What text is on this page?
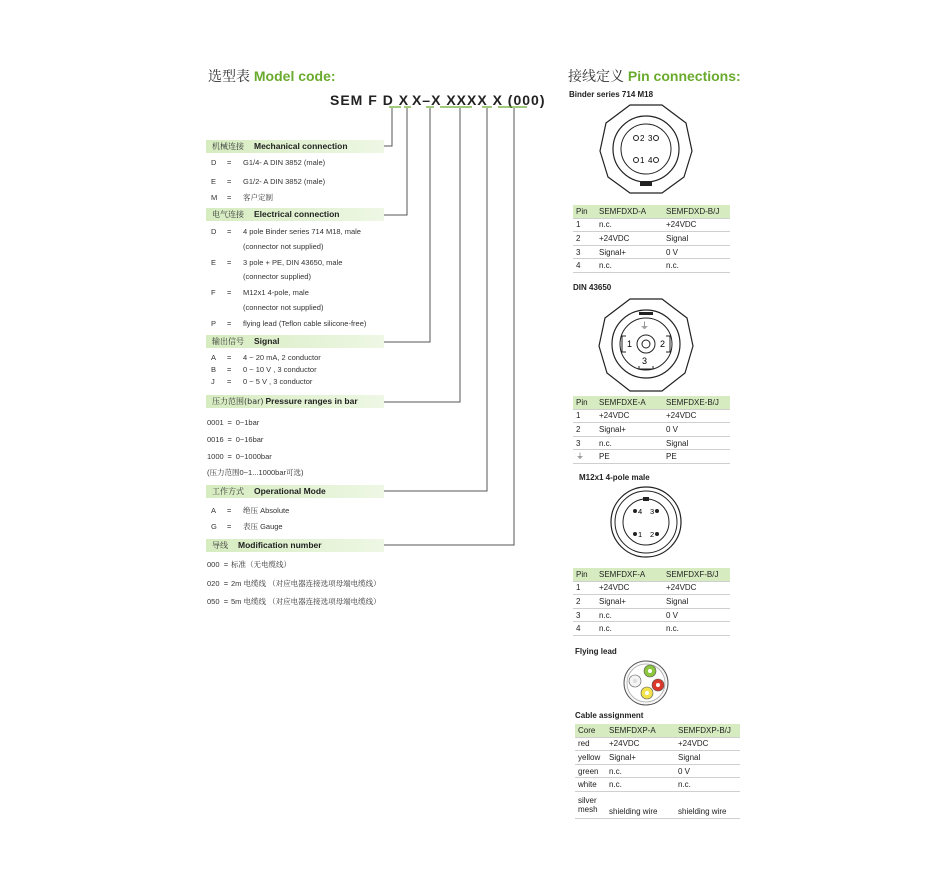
选型表 Model code:
SEM F D X X–X XXXX X (000)
机械连接 Mechanical connection
D = G1/4- A DIN 3852 (male)
E = G1/2- A DIN 3852 (male)
M = 客户定制
电气连接 Electrical connection
D = 4 pole Binder series 714 M18, male
(connector not supplied)
E = 3 pole + PE, DIN 43650, male
(connector supplied)
F = M12x1 4-pole, male
(connector not supplied)
P = flying lead (Teflon cable silicone-free)
输出信号 Signal
A = 4 ~ 20 mA, 2 conductor
B = 0 ~ 10 V , 3 conductor
J = 0 ~ 5 V , 3 conductor
压力范围(bar) Pressure ranges in bar
0001 = 0~1bar
0016 = 0~16bar
1000 = 0~1000bar
(压力范围0~1...1000bar可选)
工作方式 Operational Mode
A = 绝压 Absolute
G = 表压 Gauge
导线 Modification number
000 = 标准（无电缆线）
020 = 2m 电缆线 （对应电器连接选项母端电缆线）
050 = 5m 电缆线 （对应电器连接选项母端电缆线）
接线定义 Pin connections:
Binder series 714 M18
2 3
1 4
Pin	SEMFDXD-A	SEMFDXD-B/J
1	n.c.	+24VDC
2	+24VDC	Signal
3	Signal+	0 V
4	n.c.	n.c.
DIN 43650
⏚
1	2
3
Pin	SEMFDXE-A	SEMFDXE-B/J
1	+24VDC	+24VDC
2	Signal+	0 V
3	n.c.	Signal
⏚	PE	PE
M12x1 4-pole male
4 3
1 2
Pin	SEMFDXF-A	SEMFDXF-B/J
1	+24VDC	+24VDC
2	Signal+	Signal
3	n.c.	0 V
4	n.c.	n.c.
Flying lead
Cable assignment
Core	SEMFDXP-A	SEMFDXP-B/J
red	+24VDC	+24VDC
yellow	Signal+	Signal
green	n.c.	0 V
white	n.c.	n.c.
silver
mesh	shielding wire	shielding wire
